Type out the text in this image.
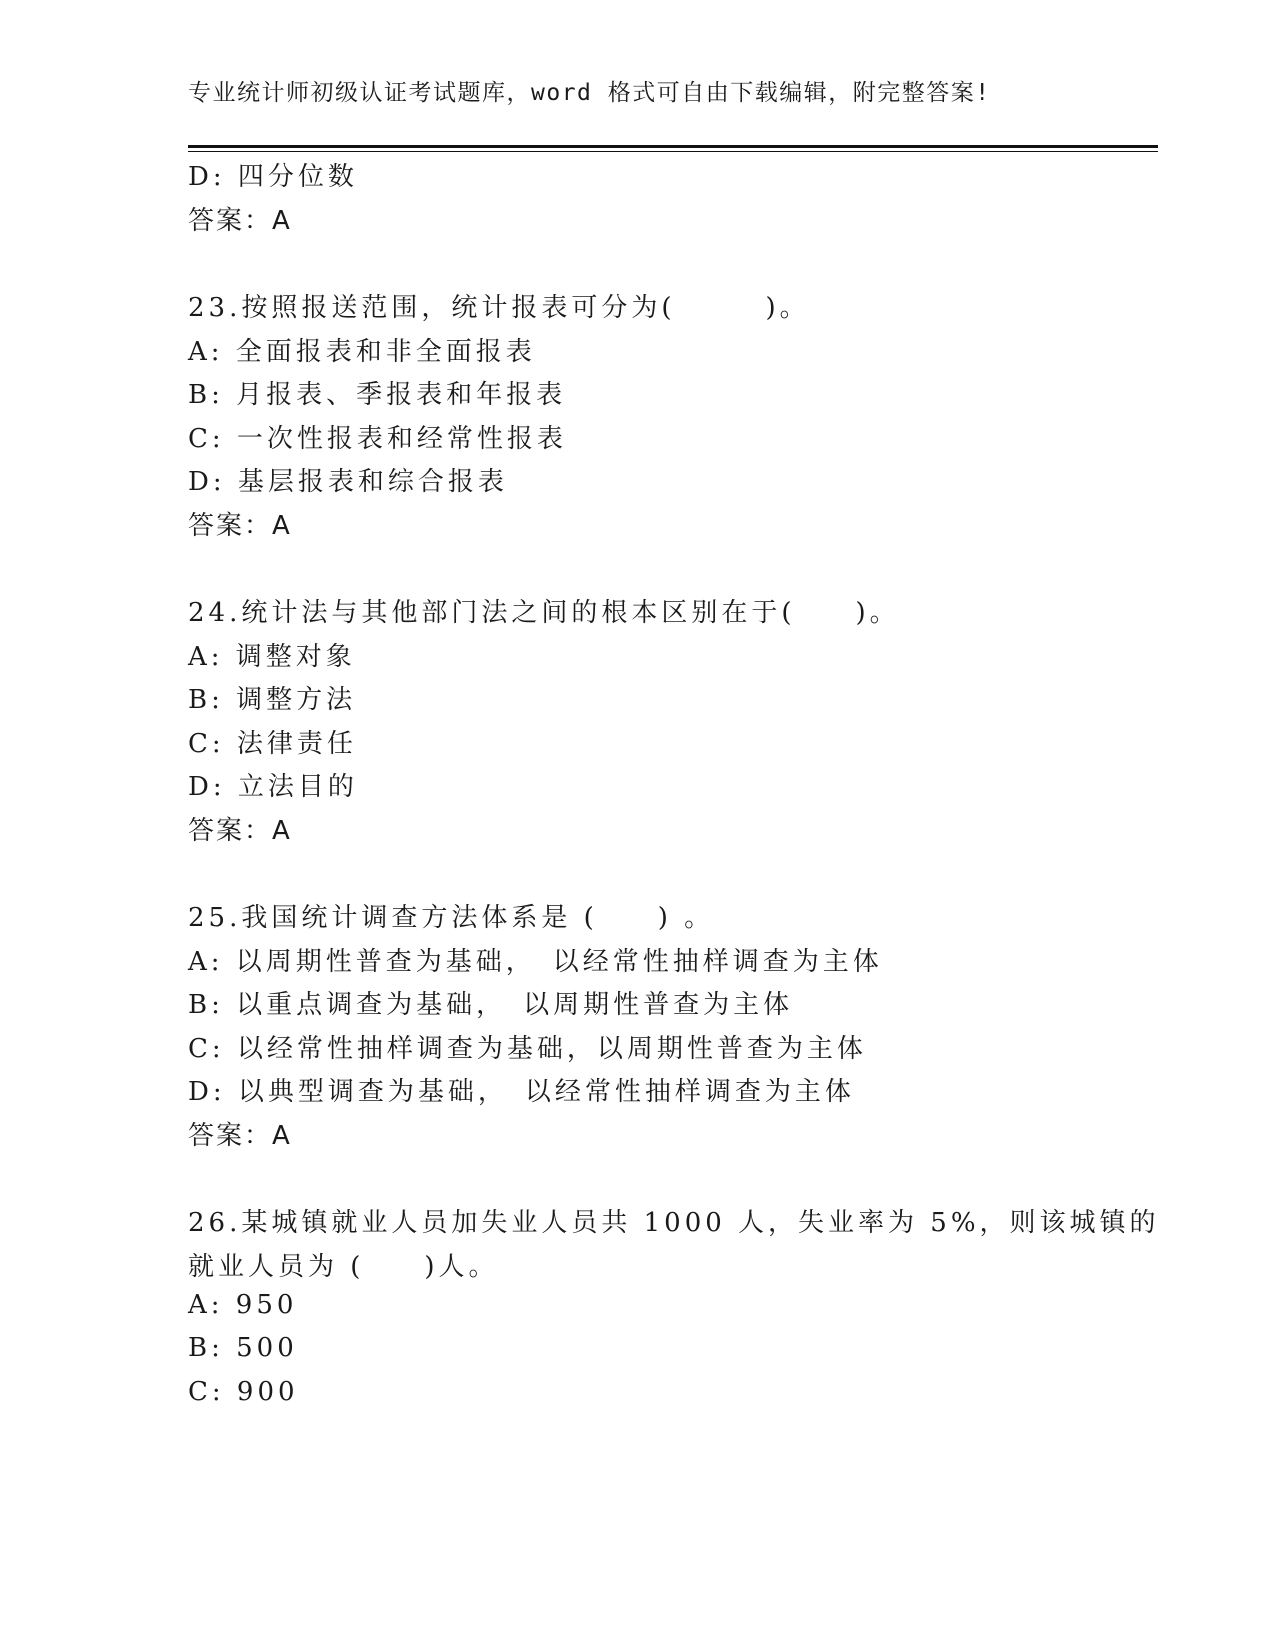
专业统计师初级认证考试题库，word 格式可自由下载编辑，附完整答案!
D: 四分位数
答案：A
23.按照报送范围，统计报表可分为(　　　)。
A: 全面报表和非全面报表
B: 月报表、季报表和年报表
C: 一次性报表和经常性报表
D: 基层报表和综合报表
答案：A
24.统计法与其他部门法之间的根本区别在于(　　)。
A: 调整对象
B: 调整方法
C: 法律责任
D: 立法目的
答案：A
25.我国统计调查方法体系是 (　　) 。
A: 以周期性普查为基础，　以经常性抽样调查为主体
B: 以重点调查为基础，　以周期性普查为主体
C: 以经常性抽样调查为基础，以周期性普查为主体
D: 以典型调查为基础，　以经常性抽样调查为主体
答案：A
26.某城镇就业人员加失业人员共 1000 人，失业率为 5%，则该城镇的
就业人员为 (　　)人。
A: 950
B: 500
C: 900
